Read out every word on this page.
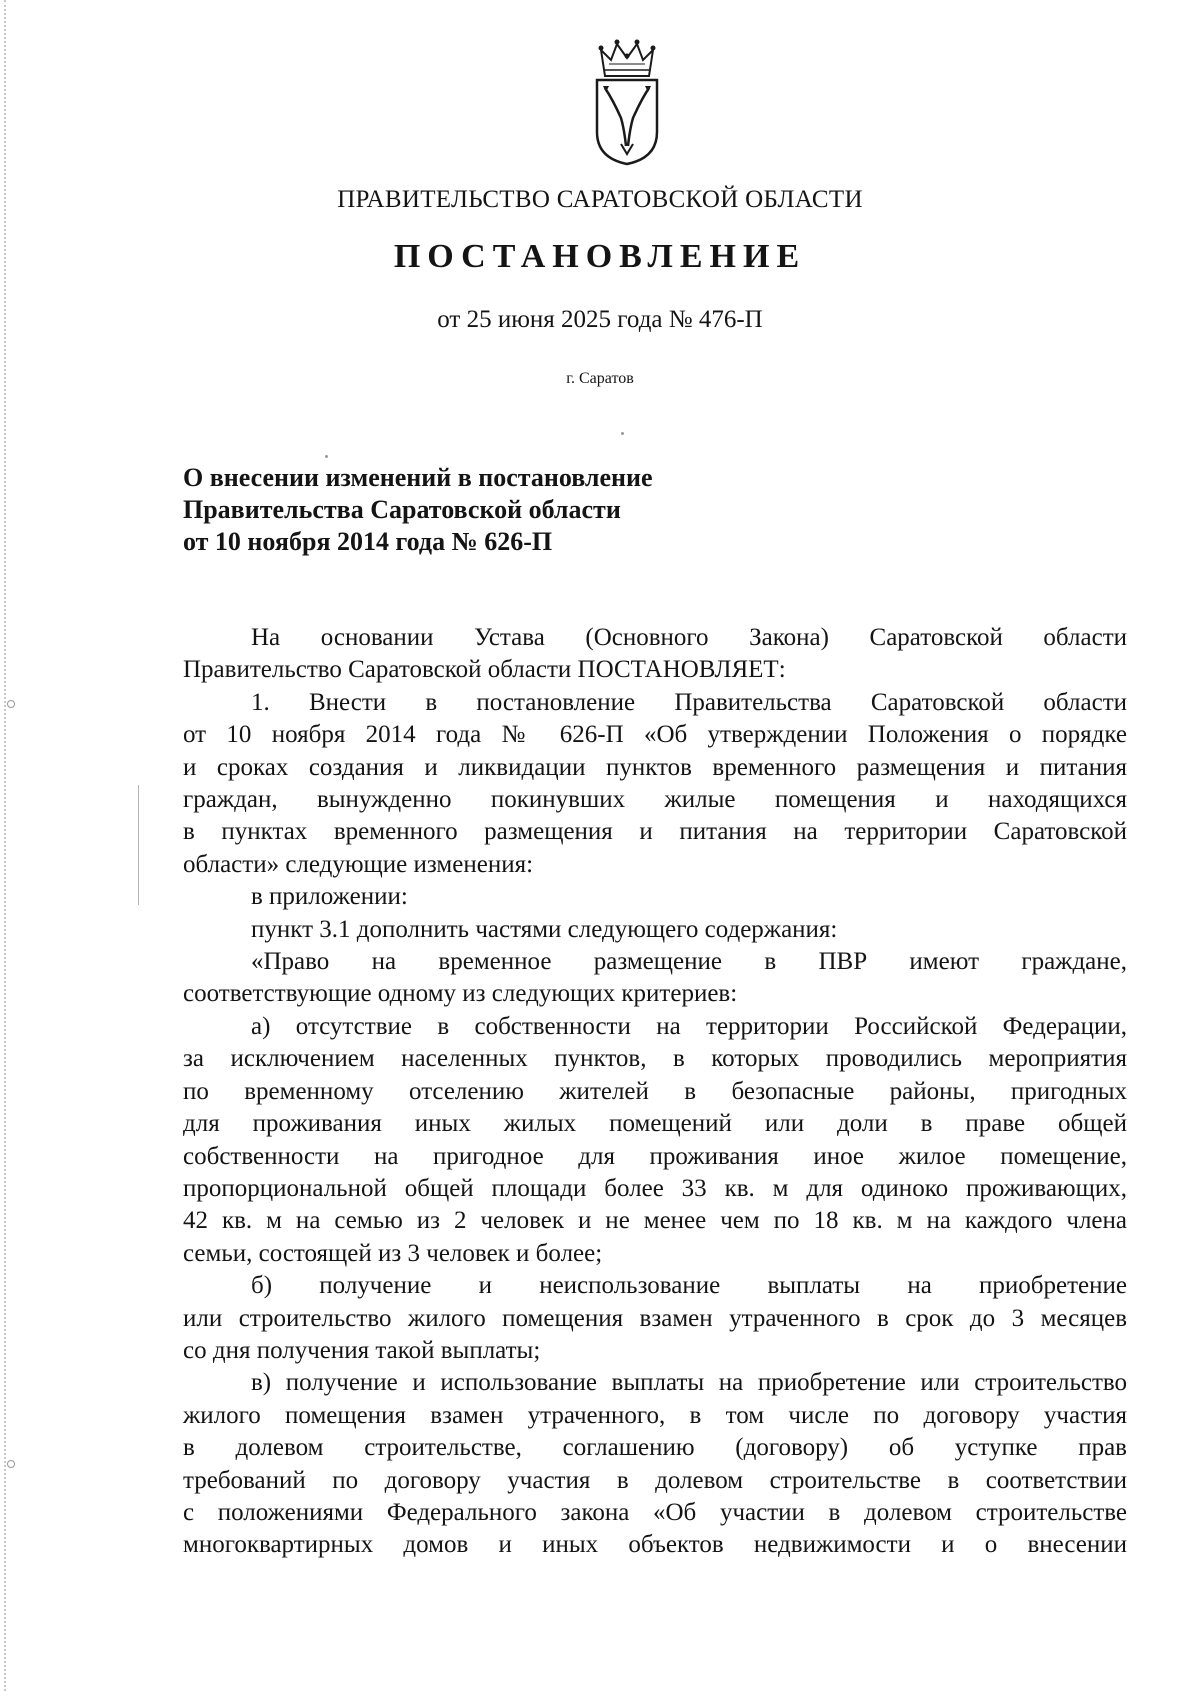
ПРАВИТЕЛЬСТВО САРАТОВСКОЙ ОБЛАСТИ
ПОСТАНОВЛЕНИЕ
от 25 июня 2025 года № 476-П
г. Саратов
О внесении изменений в постановление
Правительства Саратовской области
от 10 ноября 2014 года № 626-П
На основании Устава (Основного Закона) Саратовской области
Правительство Саратовской области ПОСТАНОВЛЯЕТ:
1. Внести в постановление Правительства Саратовской области
от 10 ноября 2014 года № 626-П «Об утверждении Положения о порядке
и сроках создания и ликвидации пунктов временного размещения и питания
граждан, вынужденно покинувших жилые помещения и находящихся
в пунктах временного размещения и питания на территории Саратовской
области» следующие изменения:
в приложении:
пункт 3.1 дополнить частями следующего содержания:
«Право на временное размещение в ПВР имеют граждане,
соответствующие одному из следующих критериев:
а) отсутствие в собственности на территории Российской Федерации,
за исключением населенных пунктов, в которых проводились мероприятия
по временному отселению жителей в безопасные районы, пригодных
для проживания иных жилых помещений или доли в праве общей
собственности на пригодное для проживания иное жилое помещение,
пропорциональной общей площади более 33 кв. м для одиноко проживающих,
42 кв. м на семью из 2 человек и не менее чем по 18 кв. м на каждого члена
семьи, состоящей из 3 человек и более;
б) получение и неиспользование выплаты на приобретение
или строительство жилого помещения взамен утраченного в срок до 3 месяцев
со дня получения такой выплаты;
в) получение и использование выплаты на приобретение или строительство
жилого помещения взамен утраченного, в том числе по договору участия
в долевом строительстве, соглашению (договору) об уступке прав
требований по договору участия в долевом строительстве в соответствии
с положениями Федерального закона «Об участии в долевом строительстве
многоквартирных домов и иных объектов недвижимости и о внесении
